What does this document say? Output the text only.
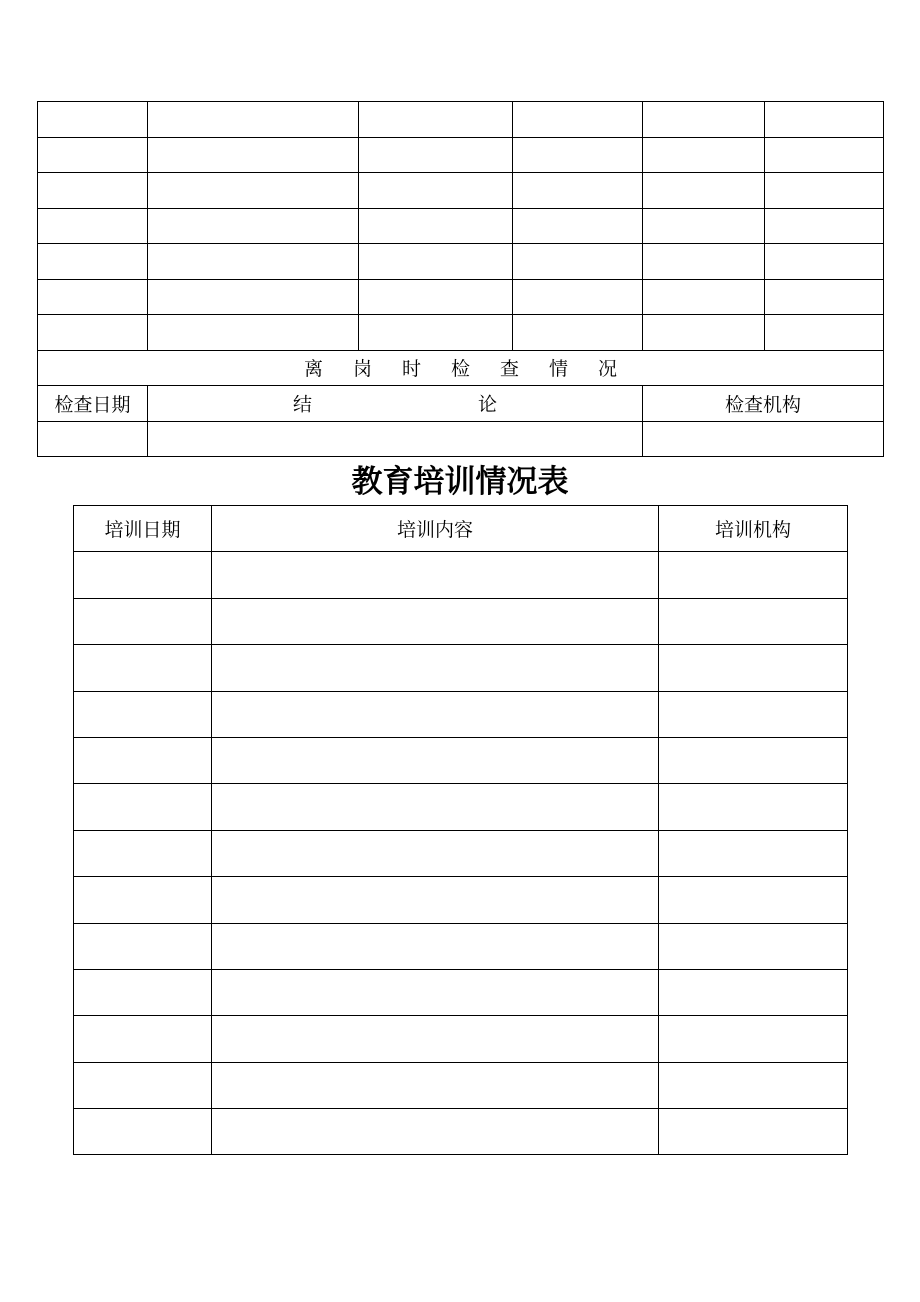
离岗时检查情况					
检查日期	结 论			检查机构	

教育培训情况表
培训日期	培训内容	培训机构
